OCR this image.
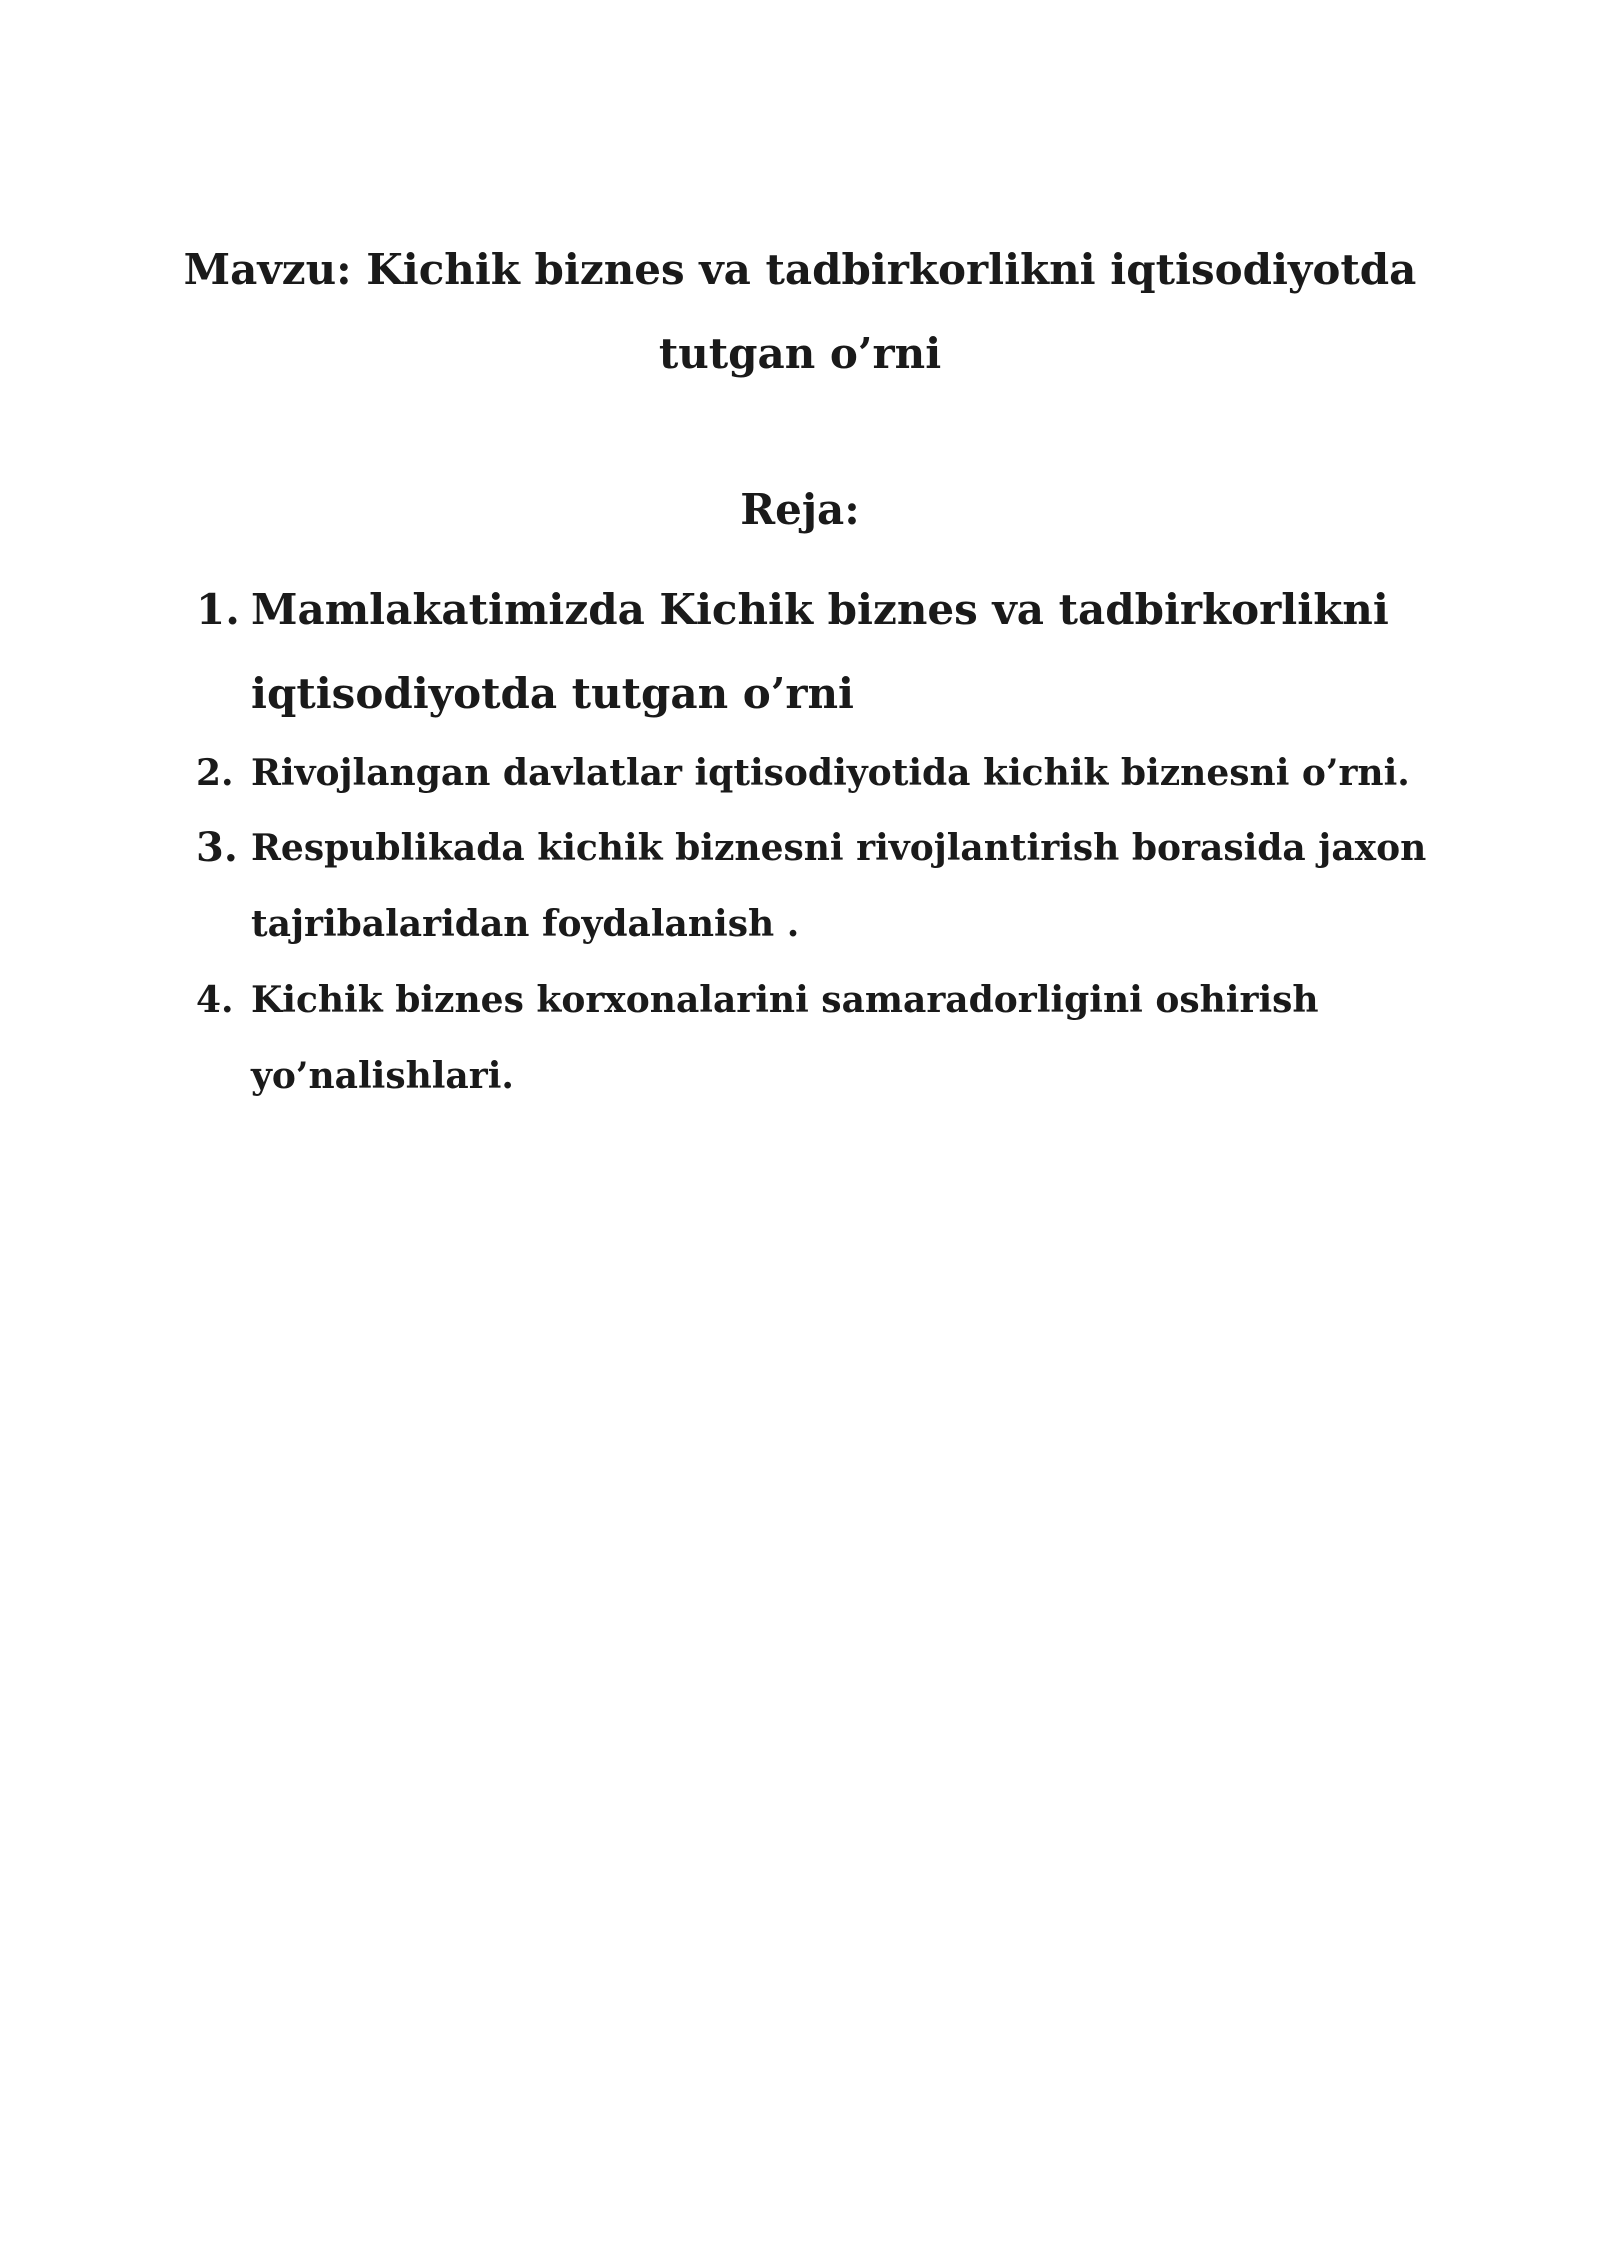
Mavzu: Kichik biznes va tadbirkorlikni iqtisodiyotda
tutgan o’rni
Reja:
1. Mamlakatimizda Kichik biznes va tadbirkorlikni
iqtisodiyotda tutgan o’rni
2. Rivojlangan davlatlar iqtisodiyotida kichik biznesni o’rni.
3. Respublikada kichik biznesni rivojlantirish borasida jaxon
tajribalaridan foydalanish .
4. Kichik biznes korxonalarini samaradorligini oshirish
yo’nalishlari.
